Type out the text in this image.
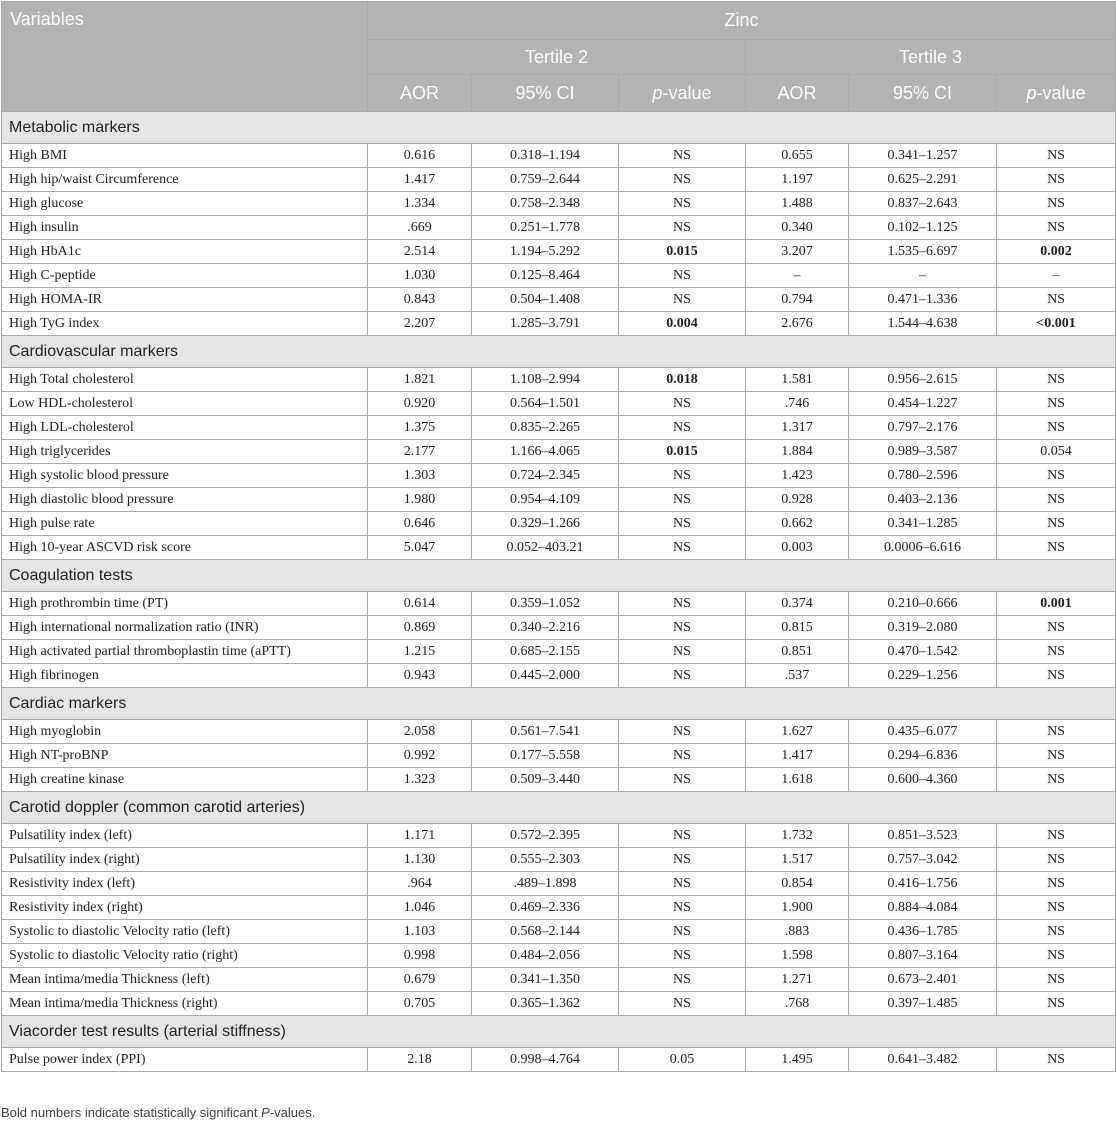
Variables	Zinc					
	Tertile 2			Tertile 3		
	AOR	95% CI	p-value	AOR	95% CI	p-value
Metabolic markers						
High BMI	0.616	0.318–1.194	NS	0.655	0.341–1.257	NS
High hip/waist Circumference	1.417	0.759–2.644	NS	1.197	0.625–2.291	NS
High glucose	1.334	0.758–2.348	NS	1.488	0.837–2.643	NS
High insulin	.669	0.251–1.778	NS	0.340	0.102–1.125	NS
High HbA1c	2.514	1.194–5.292	0.015	3.207	1.535–6.697	0.002
High C-peptide	1.030	0.125–8.464	NS	–	–	–
High HOMA-IR	0.843	0.504–1.408	NS	0.794	0.471–1.336	NS
High TyG index	2.207	1.285–3.791	0.004	2.676	1.544–4.638	<0.001
Cardiovascular markers						
High Total cholesterol	1.821	1.108–2.994	0.018	1.581	0.956–2.615	NS
Low HDL-cholesterol	0.920	0.564–1.501	NS	.746	0.454–1.227	NS
High LDL-cholesterol	1.375	0.835–2.265	NS	1.317	0.797–2.176	NS
High triglycerides	2.177	1.166–4.065	0.015	1.884	0.989–3.587	0.054
High systolic blood pressure	1.303	0.724–2.345	NS	1.423	0.780–2.596	NS
High diastolic blood pressure	1.980	0.954–4.109	NS	0.928	0.403–2.136	NS
High pulse rate	0.646	0.329–1.266	NS	0.662	0.341–1.285	NS
High 10-year ASCVD risk score	5.047	0.052–403.21	NS	0.003	0.0006–6.616	NS
Coagulation tests						
High prothrombin time (PT)	0.614	0.359–1.052	NS	0.374	0.210–0.666	0.001
High international normalization ratio (INR)	0.869	0.340–2.216	NS	0.815	0.319–2.080	NS
High activated partial thromboplastin time (aPTT)	1.215	0.685–2.155	NS	0.851	0.470–1.542	NS
High fibrinogen	0.943	0.445–2.000	NS	.537	0.229–1.256	NS
Cardiac markers						
High myoglobin	2.058	0.561–7.541	NS	1.627	0.435–6.077	NS
High NT-proBNP	0.992	0.177–5.558	NS	1.417	0.294–6.836	NS
High creatine kinase	1.323	0.509–3.440	NS	1.618	0.600–4.360	NS
Carotid doppler (common carotid arteries)						
Pulsatility index (left)	1.171	0.572–2.395	NS	1.732	0.851–3.523	NS
Pulsatility index (right)	1.130	0.555–2.303	NS	1.517	0.757–3.042	NS
Resistivity index (left)	.964	.489–1.898	NS	0.854	0.416–1.756	NS
Resistivity index (right)	1.046	0.469–2.336	NS	1.900	0.884–4.084	NS
Systolic to diastolic Velocity ratio (left)	1.103	0.568–2.144	NS	.883	0.436–1.785	NS
Systolic to diastolic Velocity ratio (right)	0.998	0.484–2.056	NS	1.598	0.807–3.164	NS
Mean intima/media Thickness (left)	0.679	0.341–1.350	NS	1.271	0.673–2.401	NS
Mean intima/media Thickness (right)	0.705	0.365–1.362	NS	.768	0.397–1.485	NS
Viacorder test results (arterial stiffness)						
Pulse power index (PPI)	2.18	0.998–4.764	0.05	1.495	0.641–3.482	NS
Bold numbers indicate statistically significant P-values.
